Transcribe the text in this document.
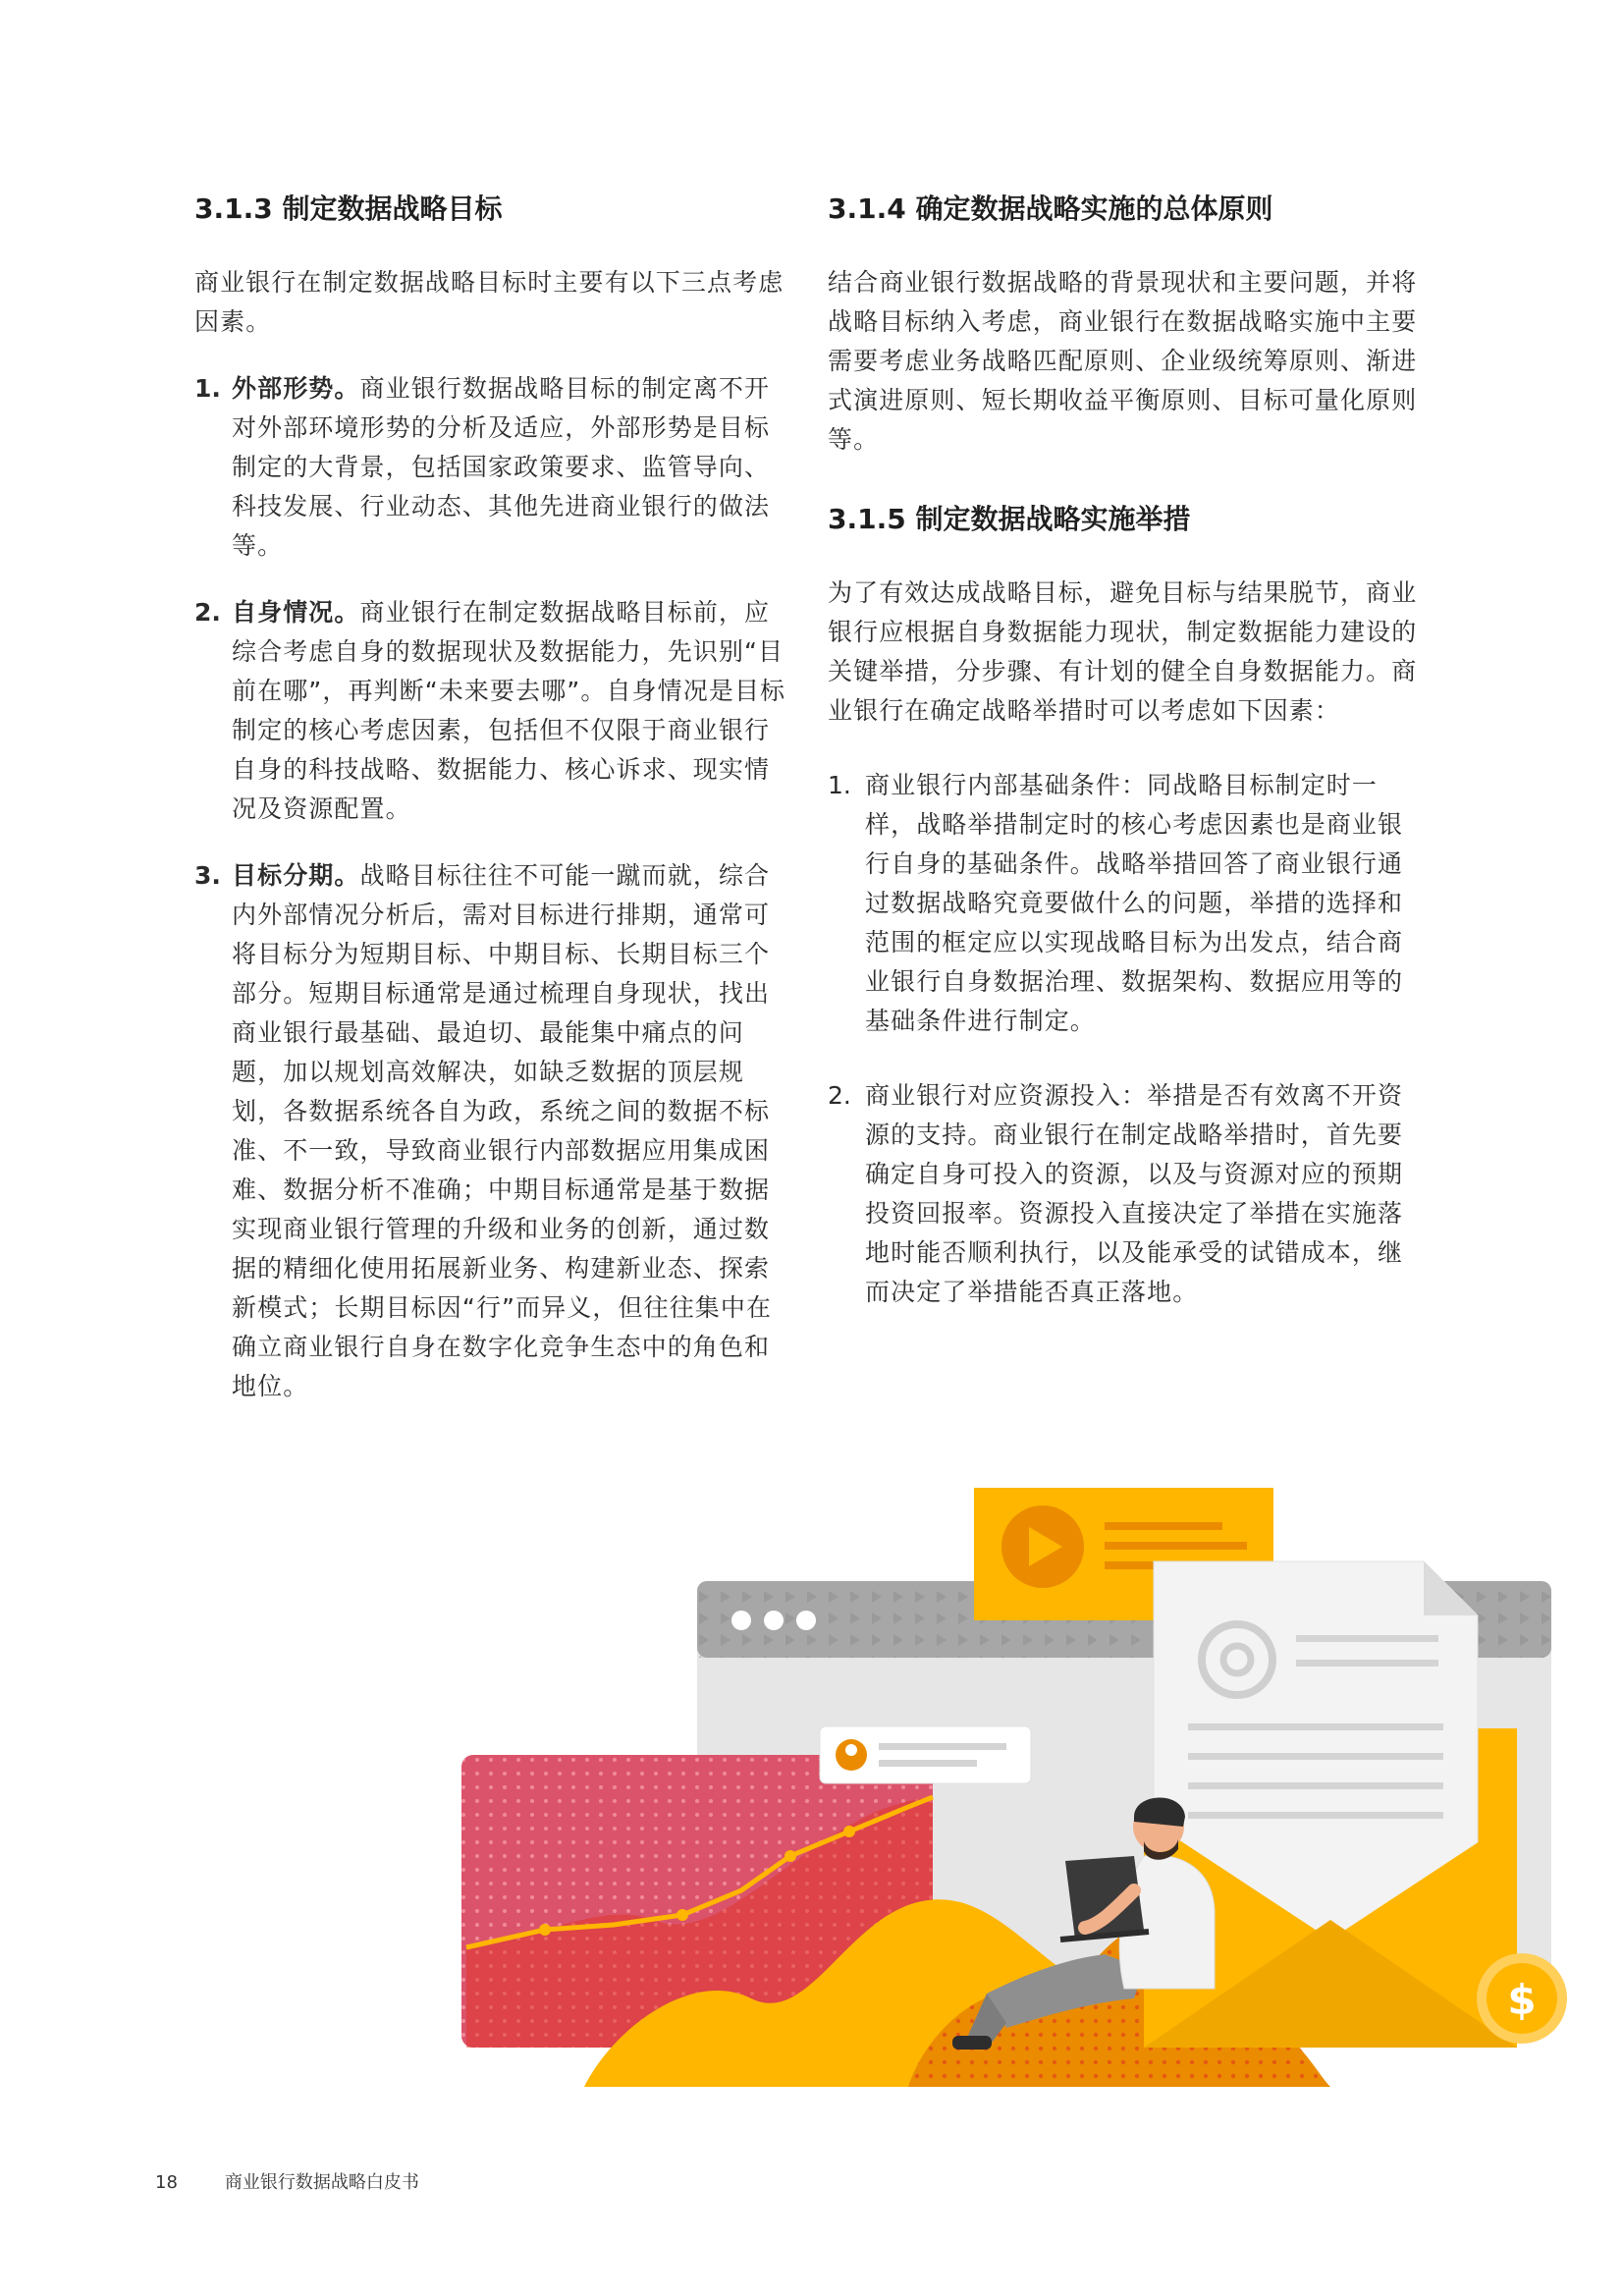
3.1.3 制定数据战略目标

商业银行在制定数据战略目标时主要有以下三点考虑因素。

1. 外部形势。商业银行数据战略目标的制定离不开对外部环境形势的分析及适应，外部形势是目标制定的大背景，包括国家政策要求、监管导向、科技发展、行业动态、其他先进商业银行的做法等。

2. 自身情况。商业银行在制定数据战略目标前，应综合考虑自身的数据现状及数据能力，先识别“目前在哪”，再判断“未来要去哪”。自身情况是目标制定的核心考虑因素，包括但不仅限于商业银行自身的科技战略、数据能力、核心诉求、现实情况及资源配置。

3. 目标分期。战略目标往往不可能一蹴而就，综合内外部情况分析后，需对目标进行排期，通常可将目标分为短期目标、中期目标、长期目标三个部分。短期目标通常是通过梳理自身现状，找出商业银行最基础、最迫切、最能集中痛点的问题，加以规划高效解决，如缺乏数据的顶层规划，各数据系统各自为政，系统之间的数据不标准、不一致，导致商业银行内部数据应用集成困难、数据分析不准确；中期目标通常是基于数据实现商业银行管理的升级和业务的创新，通过数据的精细化使用拓展新业务、构建新业态、探索新模式；长期目标因“行”而异义，但往往集中在确立商业银行自身在数字化竞争生态中的角色和地位。

3.1.4 确定数据战略实施的总体原则

结合商业银行数据战略的背景现状和主要问题，并将战略目标纳入考虑，商业银行在数据战略实施中主要需要考虑业务战略匹配原则、企业级统筹原则、渐进式演进原则、短长期收益平衡原则、目标可量化原则等。

3.1.5 制定数据战略实施举措

为了有效达成战略目标，避免目标与结果脱节，商业银行应根据自身数据能力现状，制定数据能力建设的关键举措，分步骤、有计划的健全自身数据能力。商业银行在确定战略举措时可以考虑如下因素：

1. 商业银行内部基础条件：同战略目标制定时一样，战略举措制定时的核心考虑因素也是商业银行自身的基础条件。战略举措回答了商业银行通过数据战略究竟要做什么的问题，举措的选择和范围的框定应以实现战略目标为出发点，结合商业银行自身数据治理、数据架构、数据应用等的基础条件进行制定。

2. 商业银行对应资源投入：举措是否有效离不开资源的支持。商业银行在制定战略举措时，首先要确定自身可投入的资源，以及与资源对应的预期投资回报率。资源投入直接决定了举措在实施落地时能否顺利执行，以及能承受的试错成本，继而决定了举措能否真正落地。

$
18	商业银行数据战略白皮书
